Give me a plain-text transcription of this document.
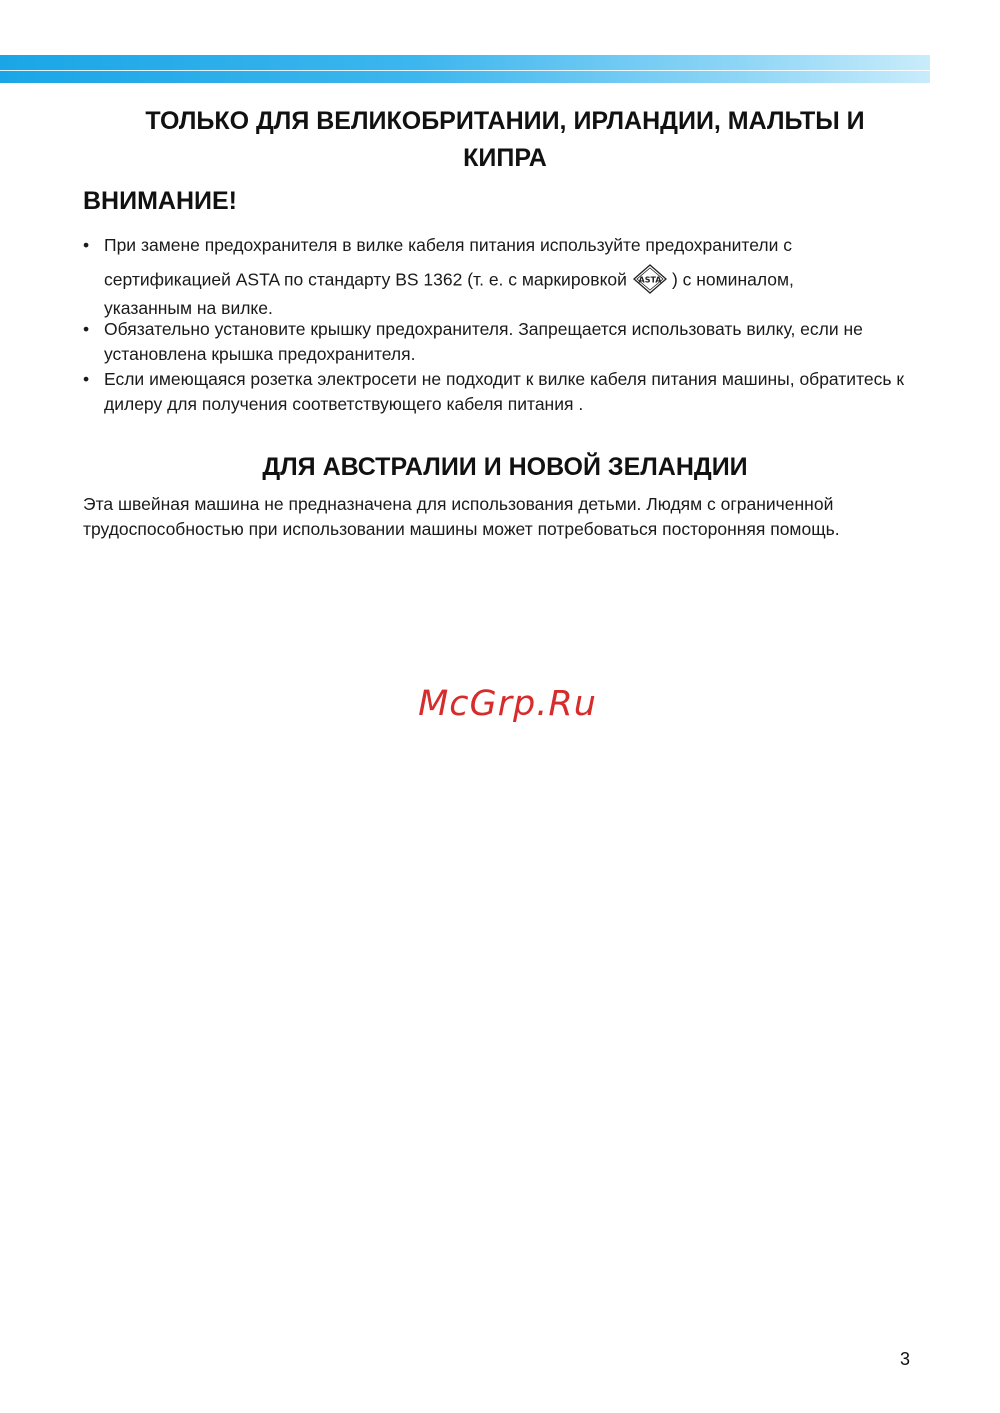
ТОЛЬКО ДЛЯ ВЕЛИКОБРИТАНИИ, ИРЛАНДИИ, МАЛЬТЫ И
КИПРА
ВНИМАНИЕ!
• При замене предохранителя в вилке кабеля питания используйте предохранители с
сертификацией ASTA по стандарту BS 1362 (т. е. с маркировкой ASTA ) с номиналом,
указанным на вилке.
• Обязательно установите крышку предохранителя. Запрещается использовать вилку, если не установлена крышка предохранителя.
• Если имеющаяся розетка электросети не подходит к вилке кабеля питания машины, обратитесь к дилеру для получения соответствующего кабеля питания .
ДЛЯ АВСТРАЛИИ И НОВОЙ ЗЕЛАНДИИ

Эта швейная машина не предназначена для использования детьми. Людям с ограниченной трудоспособностью при использовании машины может потребоваться посторонняя помощь.

McGrp.Ru

3
